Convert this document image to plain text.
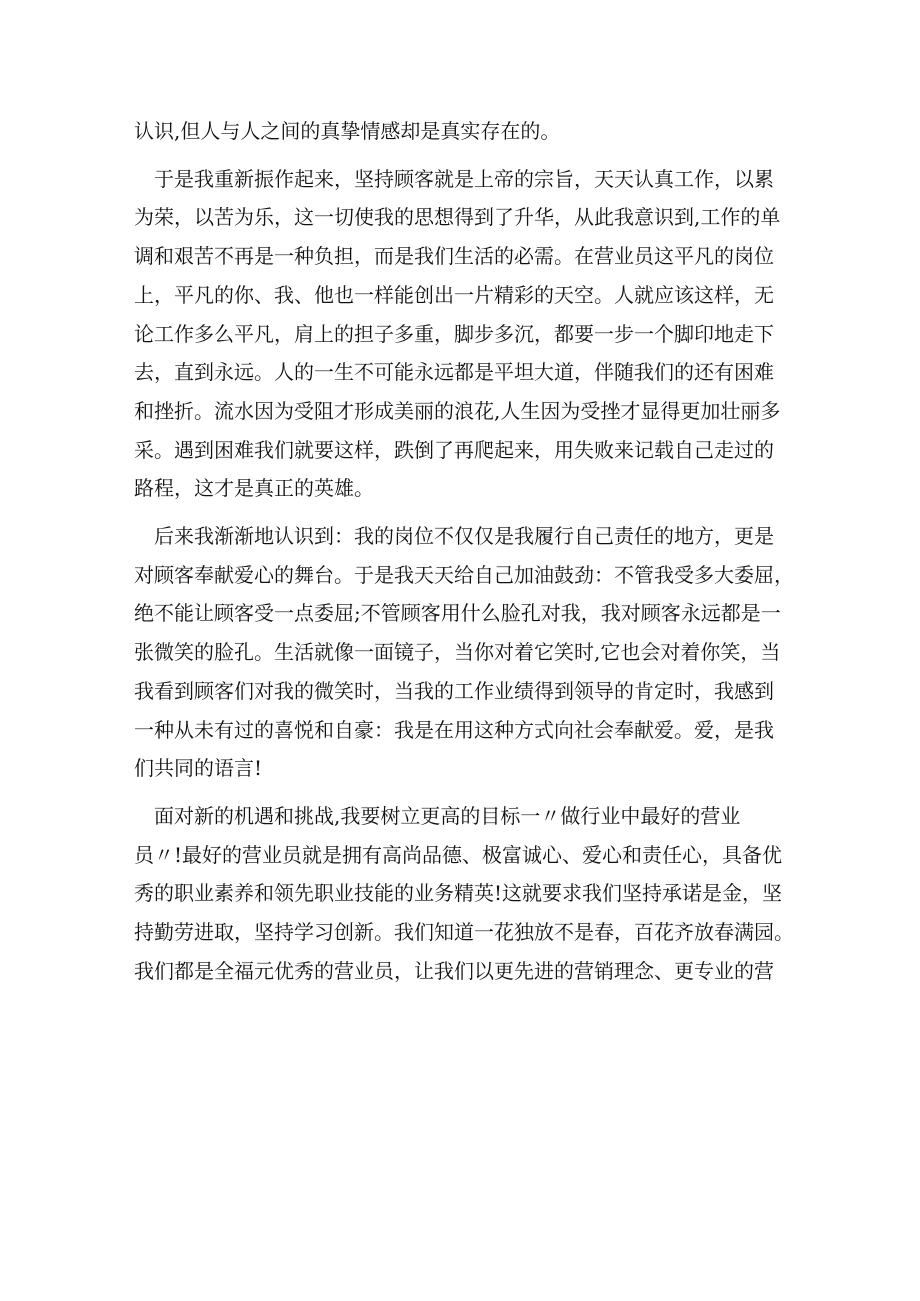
认识,但人与人之间的真挚情感却是真实存在的。

　于是我重新振作起来，坚持顾客就是上帝的宗旨，天天认真工作，以累
为荣，以苦为乐，这一切使我的思想得到了升华，从此我意识到,工作的单
调和艰苦不再是一种负担，而是我们生活的必需。在营业员这平凡的岗位
上，平凡的你、我、他也一样能创出一片精彩的天空。人就应该这样，无
论工作多么平凡，肩上的担子多重，脚步多沉，都要一步一个脚印地走下
去，直到永远。人的一生不可能永远都是平坦大道，伴随我们的还有困难
和挫折。流水因为受阻才形成美丽的浪花,人生因为受挫才显得更加壮丽多
采。遇到困难我们就要这样，跌倒了再爬起来，用失败来记载自己走过的
路程，这才是真正的英雄。

　后来我渐渐地认识到：我的岗位不仅仅是我履行自己责任的地方，更是
对顾客奉献爱心的舞台。于是我天天给自己加油鼓劲：不管我受多大委屈，
绝不能让顾客受一点委屈;不管顾客用什么脸孔对我，我对顾客永远都是一
张微笑的脸孔。生活就像一面镜子，当你对着它笑时,它也会对着你笑，当
我看到顾客们对我的微笑时，当我的工作业绩得到领导的肯定时，我感到
一种从未有过的喜悦和自豪：我是在用这种方式向社会奉献爱。爱，是我
们共同的语言!

　面对新的机遇和挑战,我要树立更高的目标一〃做行业中最好的营业
员〃!最好的营业员就是拥有高尚品德、极富诚心、爱心和责任心，具备优
秀的职业素养和领先职业技能的业务精英!这就要求我们坚持承诺是金，坚
持勤劳进取，坚持学习创新。我们知道一花独放不是春，百花齐放春满园。
我们都是全福元优秀的营业员，让我们以更先进的营销理念、更专业的营
